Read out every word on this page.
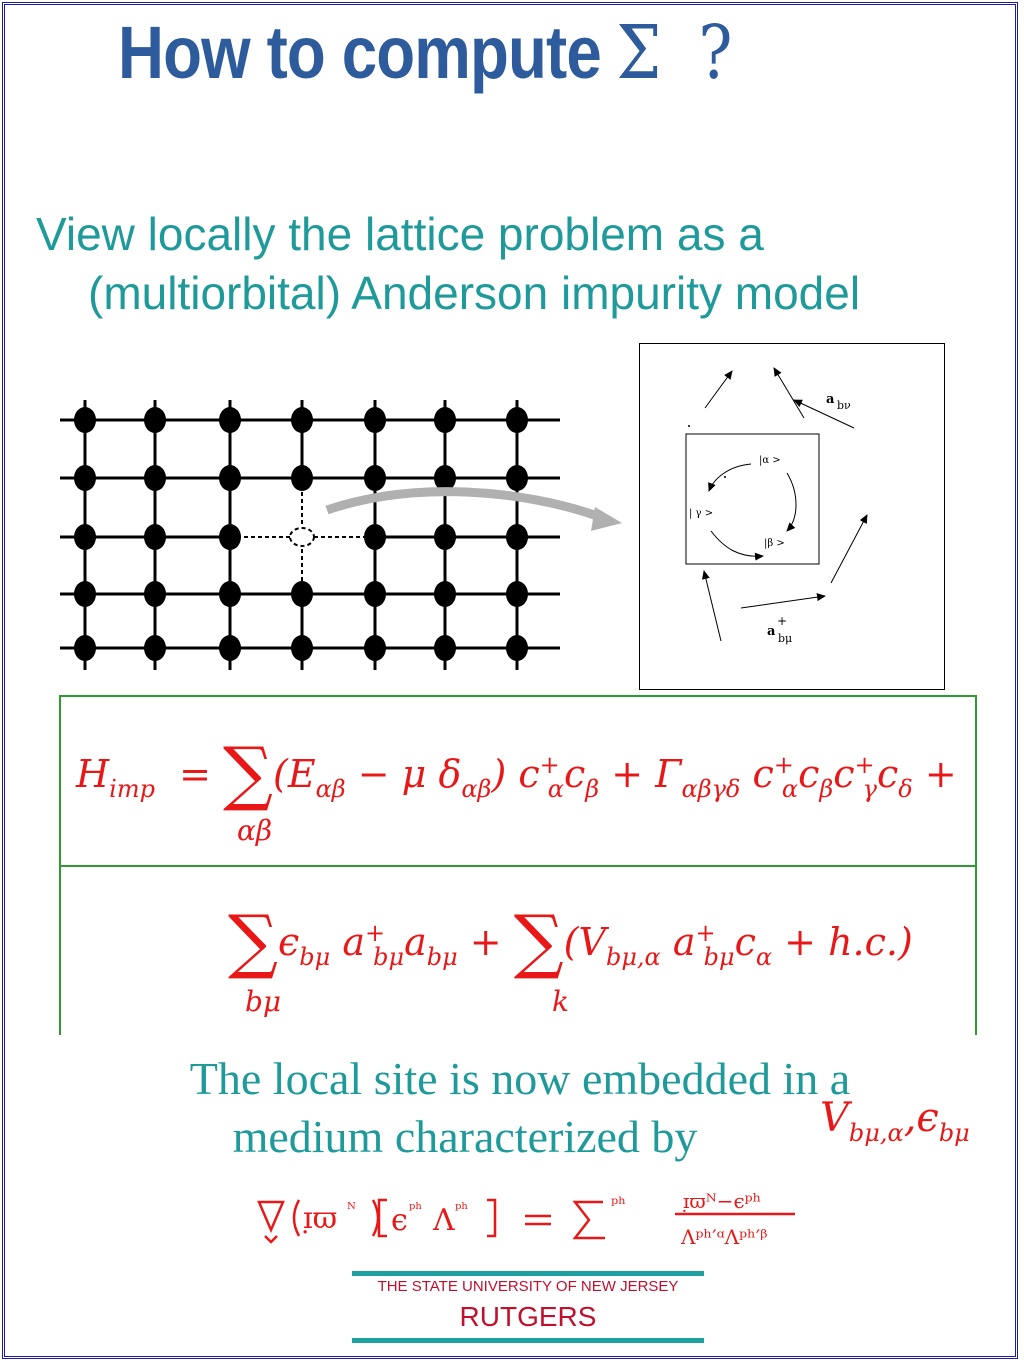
How to compute Σ ?
View locally the lattice problem as a
(multiorbital) Anderson impurity model
a bν
|α >
| γ >
|β >
a
+
bμ
$H_{imp} = \sum(E_{\alpha\beta} - \mu$ $\delta_{\alpha\beta}$) $c^+_\alpha c_\beta + \Gamma_{\alpha\beta\gamma\delta}$ $c^+_\alpha c_\beta c^+_\gamma c_\delta$ +
αβ
$\sum\epsilon_{b\mu}$ $a^+_{b\mu}a_{b\mu} + \sum(V_{b\mu,\alpha}$ $a^+_{b\mu}c_\alpha + h.c$.)
bμ	k
The local site is now embedded in a
medium characterized by	$V_{b\mu,\alpha},\epsilon_{b\mu}$
ɪ̣ϖ ᴺ ϵ ᵖʰ Λ ᵖʰ	ᵖʰ	ɪ̣ϖᴺ−ϵᵖʰ
Λᵖʰ′ᵅΛᵖʰ′ᵝ
THE STATE UNIVERSITY OF NEW JERSEY
RUTGERS
